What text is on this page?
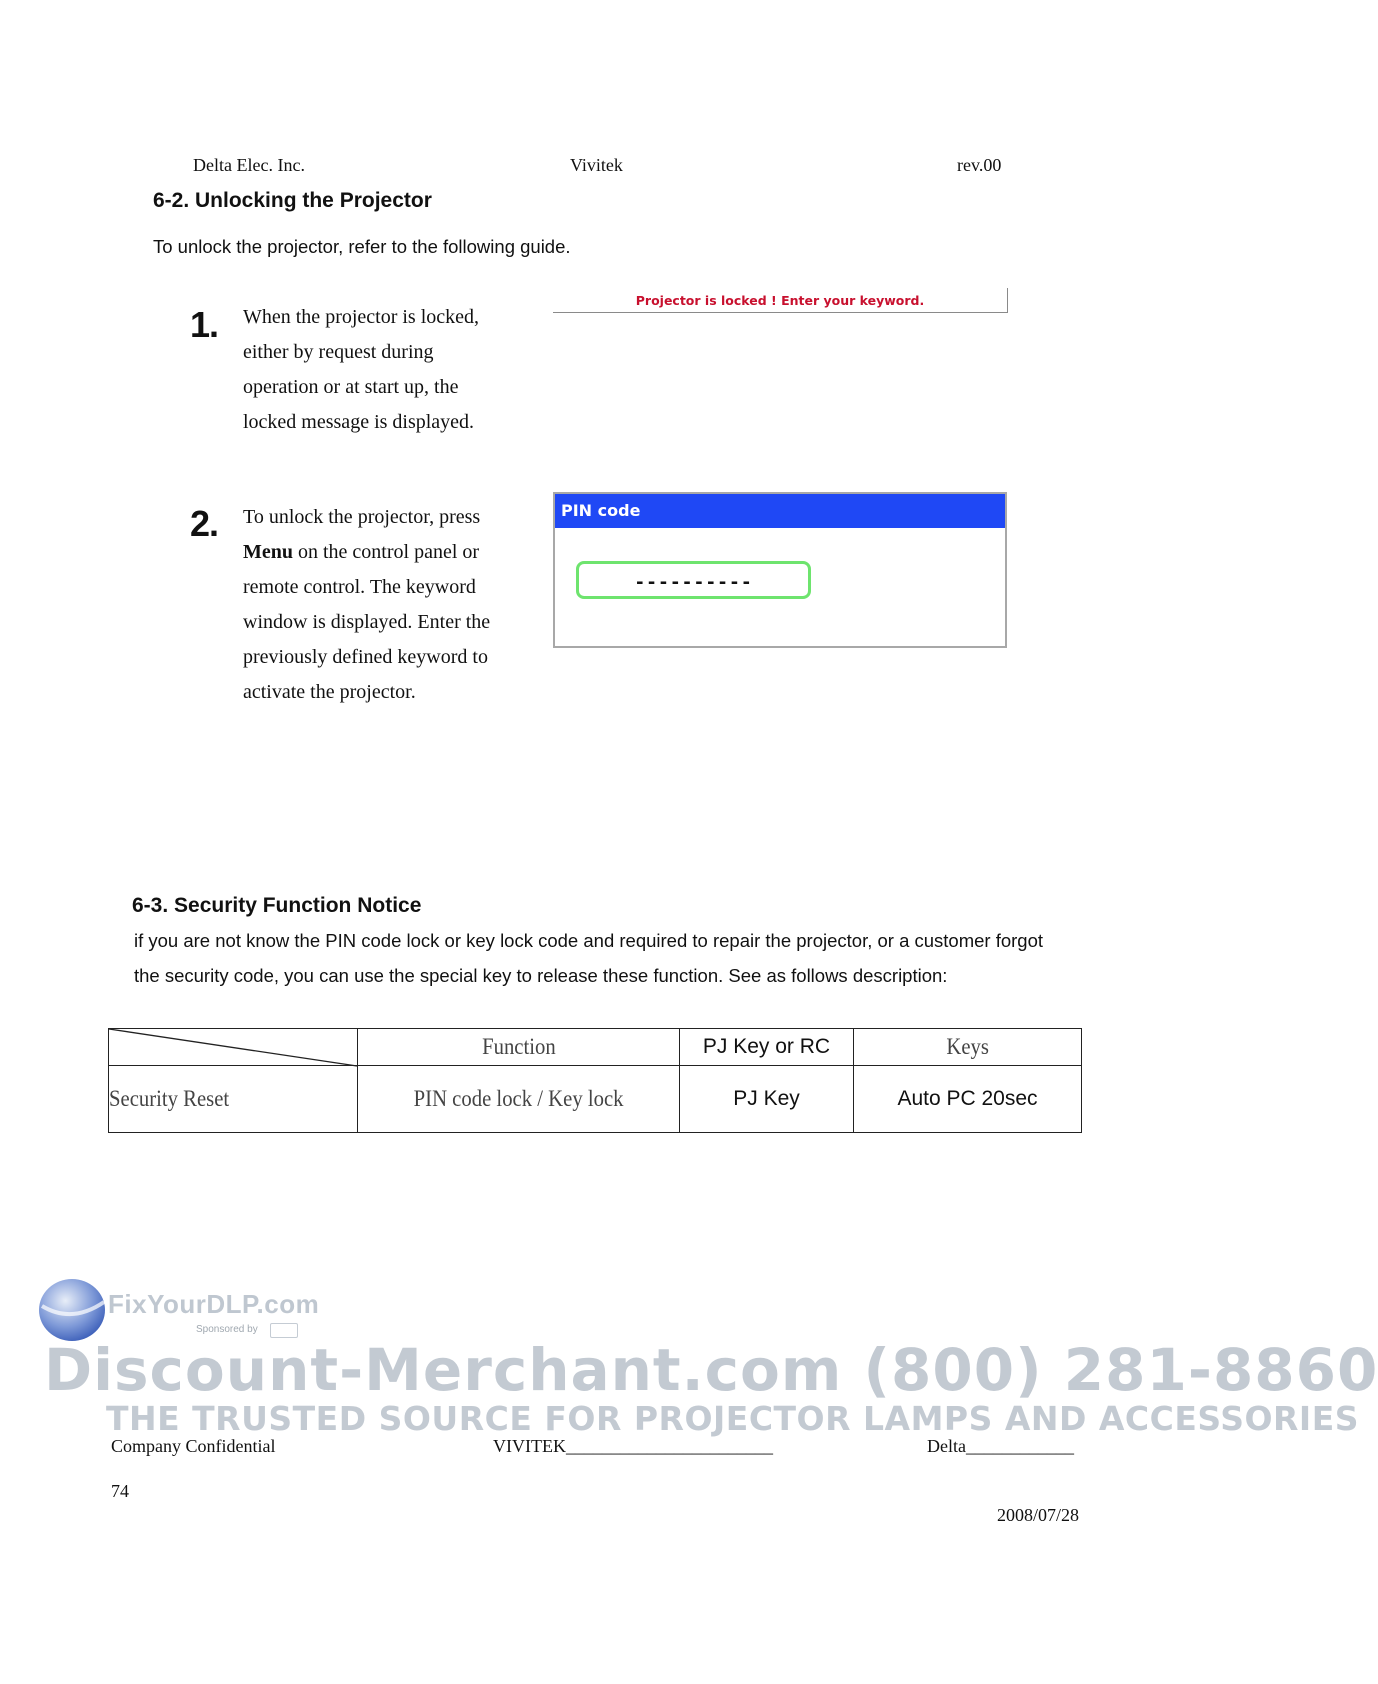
Delta Elec. Inc.	Vivitek	rev.00
6-2. Unlocking the Projector
To unlock the projector, refer to the following guide.
1. When the projector is locked,
either by request during
operation or at start up, the
locked message is displayed.
Projector is locked ! Enter your keyword.
2. To unlock the projector, press
Menu on the control panel or
remote control. The keyword
window is displayed. Enter the
previously defined keyword to
activate the projector.
PIN code
----------
6-3. Security Function Notice
if you are not know the PIN code lock or key lock code and required to repair the projector, or a customer forgot
the security code, you can use the special key to release these function. See as follows description:
	Function	PJ Key or RC	Keys
Security Reset	PIN code lock / Key lock	PJ Key	Auto PC 20sec
FixYourDLP.com
Sponsored by
Discount-Merchant.com (800) 281-8860
THE TRUSTED SOURCE FOR PROJECTOR LAMPS AND ACCESSORIES
Company Confidential	VIVITEK_______________________	Delta____________
74
2008/07/28
